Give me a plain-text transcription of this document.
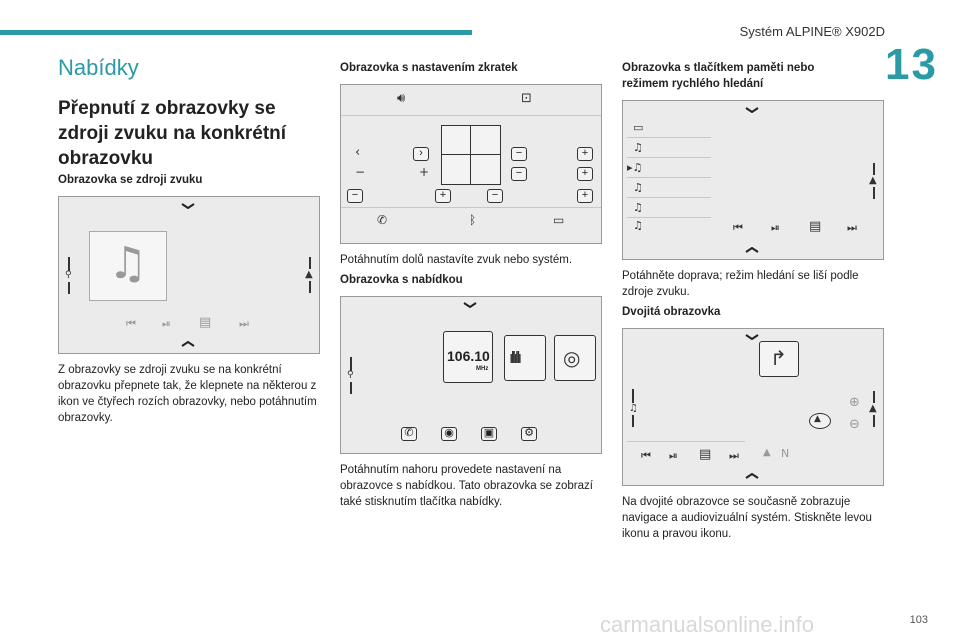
Systém ALPINE® X902D
13
103
carmanualsonline.info
Nabídky
Přepnutí z obrazovky se zdroji zvuku na konkrétní obrazovku
Obrazovka se zdroji zvuku
♫
⚲	▲
⏮ ⏯ ▤	⏭
Z obrazovky se zdroji zvuku se na konkrétní obrazovku přepnete tak, že klepnete na některou z ikon ve čtyřech rozích obrazovky, nebo potáhnutím obrazovky.
Obrazovka s nastavením zkratek
🔊︎	⊡
‹	›	−	+
−	+	−	+
−	+	−	+
✆	ᛒ	▭
Potáhnutím dolů nastavíte zvuk nebo systém.
Obrazovka s nabídkou
⚲
106.10
MHz
ıllıllı ◎
✆	◉	▣	⚙
Potáhnutím nahoru provedete nastavení na obrazovce s nabídkou. Tato obrazovka se zobrazí také stisknutím tlačítka nabídky.
Obrazovka s tlačítkem paměti nebo režimem rychlého hledání
▭
♫
▸♫
♫
♫
♫
▲
⏮	⏯ ▤ ⏭
Potáhněte doprava; režim hledání se liší podle zdroje zvuku.
Dvojitá obrazovka
↱
♫
▲
⊕
⊖
▲
⏮ ⏯ ▤ ⏭ ▲ N
Na dvojité obrazovce se současně zobrazuje navigace a audiovizuální systém. Stiskněte levou ikonu a pravou ikonu.
